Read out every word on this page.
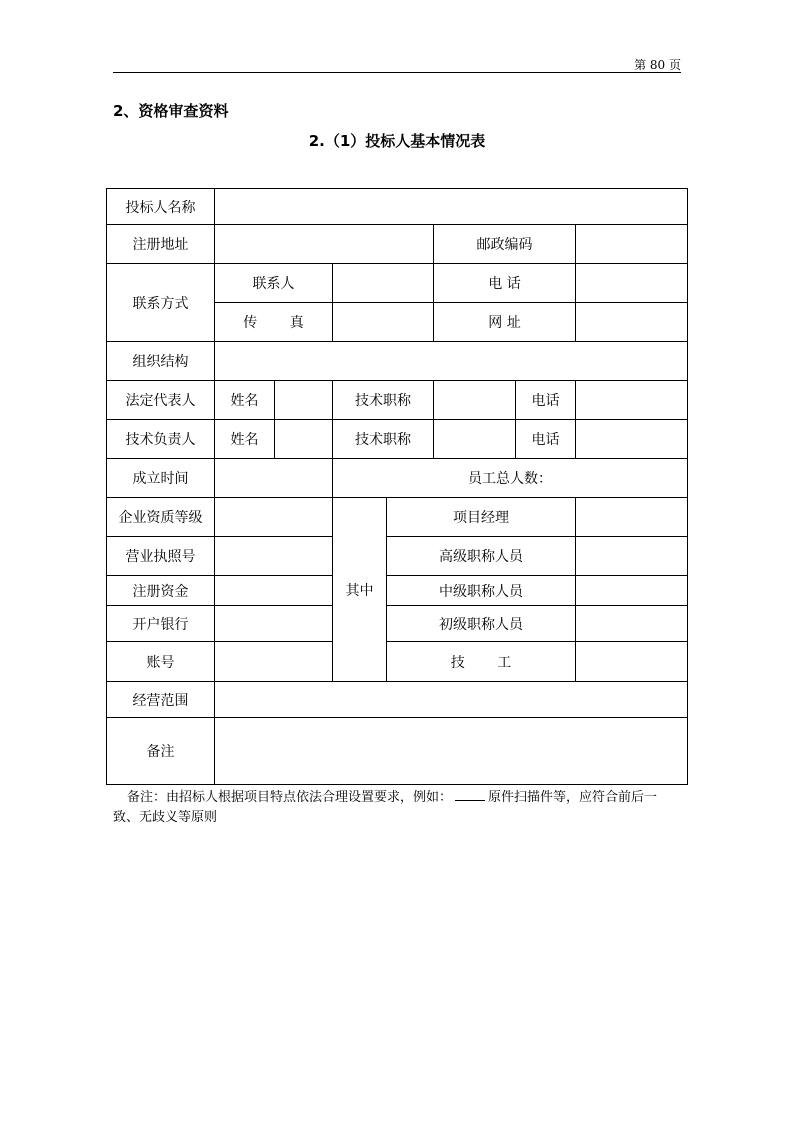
第 80 页
2、资格审查资料
2.（1）投标人基本情况表
投标人名称							
注册地址					邮政编码		
联系方式	联系人				电 话		
	传 真				网 址		
组织结构							
法定代表人	姓名		技术职称			电话	
技术负责人	姓名		技术职称			电话	
成立时间			员工总人数：				
企业资质等级			其中	项目经理			
营业执照号				高级职称人员			
注册资金				中级职称人员			
开户银行				初级职称人员			
账号				技 工			
经营范围							
备注							
备注：由招标人根据项目特点依法合理设置要求，例如：	原件扫描件等，应符合前后一致、无歧义等原则
